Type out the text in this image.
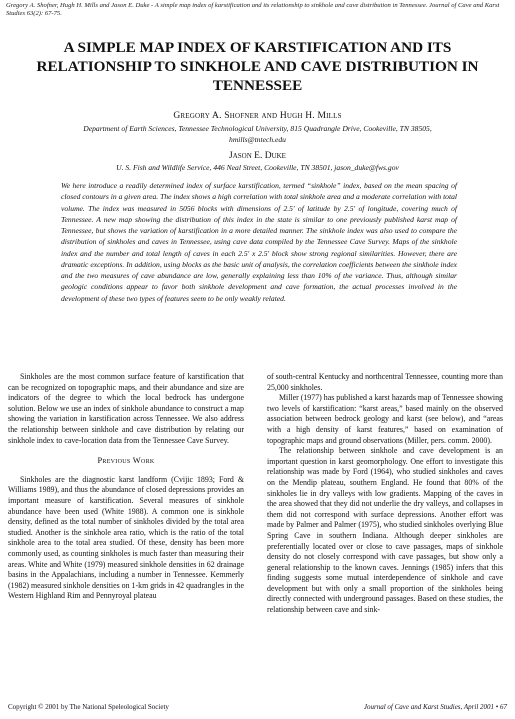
Gregory A. Shofner, Hugh H. Mills and Jason E. Duke - A simple map index of karstification and its relationship to sinkhole and cave distribution in Tennessee. Journal of Cave and Karst Studies 63(2): 67-75.
A SIMPLE MAP INDEX OF KARSTIFICATION AND ITS RELATIONSHIP TO SINKHOLE AND CAVE DISTRIBUTION IN TENNESSEE
Gregory A. Shofner and Hugh H. Mills
Department of Earth Sciences, Tennessee Technological University, 815 Quadrangle Drive, Cookeville, TN 38505,
hmills@tntech.edu
Jason E. Duke
U. S. Fish and Wildlife Service, 446 Neal Street, Cookeville, TN 38501, jason_duke@fws.gov

We here introduce a readily determined index of surface karstification, termed “sinkhole” index, based on the mean spacing of closed contours in a given area. The index shows a high correlation with total sinkhole area and a moderate correlation with total volume. The index was measured in 5056 blocks with dimensions of 2.5′ of latitude by 2.5′ of longitude, covering much of Tennessee. A new map showing the distribution of this index in the state is similar to one previously published karst map of Tennessee, but shows the variation of karstification in a more detailed manner. The sinkhole index was also used to compare the distribution of sinkholes and caves in Tennessee, using cave data compiled by the Tennessee Cave Survey. Maps of the sinkhole index and the number and total length of caves in each 2.5′ x 2.5′ block show strong regional similarities. However, there are dramatic exceptions. In addition, using blocks as the basic unit of analysis, the correlation coefficients between the sinkhole index and the two measures of cave abundance are low, generally explaining less than 10% of the variance. Thus, although similar geologic conditions appear to favor both sinkhole development and cave formation, the actual processes involved in the development of these two types of features seem to be only weakly related.

Sinkholes are the most common surface feature of karstification that can be recognized on topographic maps, and their abundance and size are indicators of the degree to which the local bedrock has undergone solution. Below we use an index of sinkhole abundance to construct a map showing the variation in karstification across Tennessee. We also address the relationship between sinkhole and cave distribution by relating our sinkhole index to cave-location data from the Tennessee Cave Survey.

Previous Work

Sinkholes are the diagnostic karst landform (Cvijic 1893; Ford & Williams 1989), and thus the abundance of closed depressions provides an important measure of karstification. Several measures of sinkhole abundance have been used (White 1988). A common one is sinkhole density, defined as the total number of sinkholes divided by the total area studied. Another is the sinkhole area ratio, which is the ratio of the total sinkhole area to the total area studied. Of these, density has been more commonly used, as counting sinkholes is much faster than measuring their areas. White and White (1979) measured sinkhole densities in 62 drainage basins in the Appalachians, including a number in Tennessee. Kemmerly (1982) measured sinkhole densities on 1-km grids in 42 quadrangles in the Western Highland Rim and Pennyroyal plateau

of south-central Kentucky and northcentral Tennessee, counting more than 25,000 sinkholes.

Miller (1977) has published a karst hazards map of Tennessee showing two levels of karstification: “karst areas,” based mainly on the observed association between bedrock geology and karst (see below), and “areas with a high density of karst features,” based on examination of topographic maps and ground observations (Miller, pers. comm. 2000).

The relationship between sinkhole and cave development is an important question in karst geomorphology. One effort to investigate this relationship was made by Ford (1964), who studied sinkholes and caves on the Mendip plateau, southern England. He found that 80% of the sinkholes lie in dry valleys with low gradients. Mapping of the caves in the area showed that they did not underlie the dry valleys, and collapses in them did not correspond with surface depressions. Another effort was made by Palmer and Palmer (1975), who studied sinkholes overlying Blue Spring Cave in southern Indiana. Although deeper sinkholes are preferentially located over or close to cave passages, maps of sinkhole density do not closely correspond with cave passages, but show only a general relationship to the known caves. Jennings (1985) infers that this finding suggests some mutual interdependence of sinkhole and cave development but with only a small proportion of the sinkholes being directly connected with underground passages. Based on these studies, the relationship between cave and sink-

Copyright © 2001 by The National Speleological Society	Journal of Cave and Karst Studies, April 2001 • 67
